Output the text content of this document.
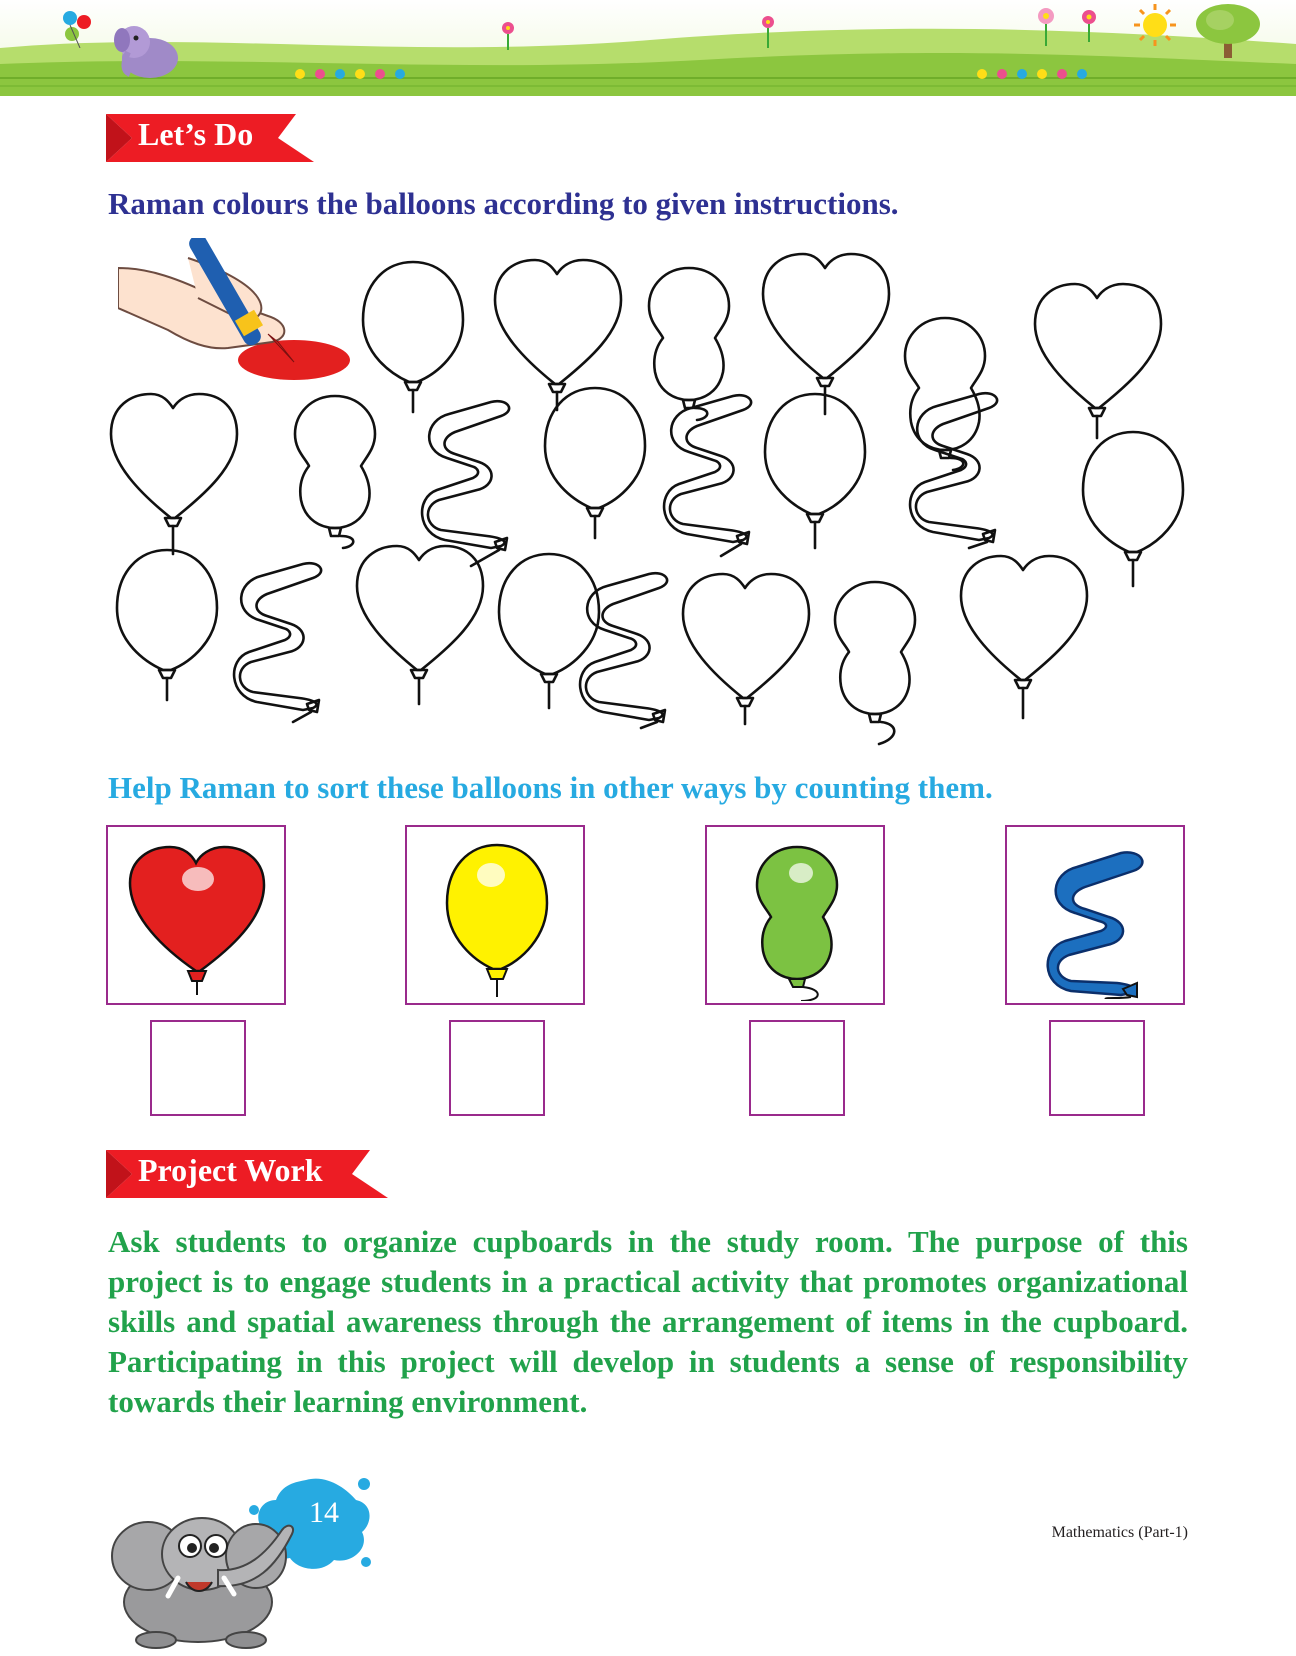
Let’s Do
Raman colours the balloons according to given instructions.
Help Raman to sort these balloons in other ways by counting them.
Project Work
Ask students to organize cupboards in the study room. The purpose of this project is to engage students in a practical activity that promotes organizational skills and spatial awareness through the arrangement of items in the cupboard. Participating in this project will develop in students a sense of responsibility towards their learning environment.
14
Mathematics (Part-1)
